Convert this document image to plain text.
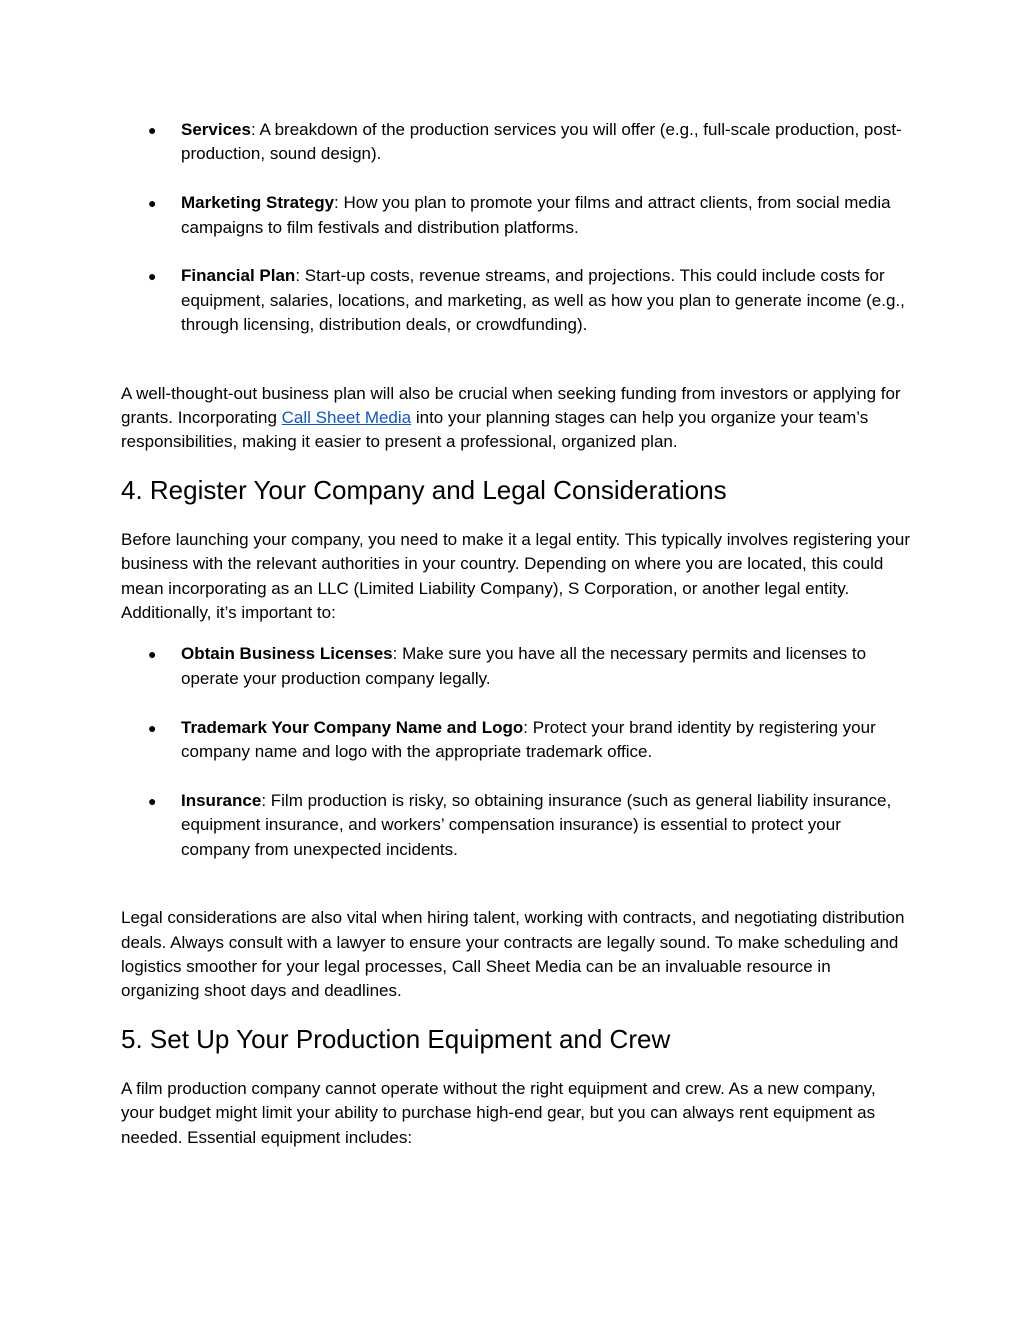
● Services: A breakdown of the production services you will offer (e.g., full-scale production, post-production, sound design).
● Marketing Strategy: How you plan to promote your films and attract clients, from social media campaigns to film festivals and distribution platforms.
● Financial Plan: Start-up costs, revenue streams, and projections. This could include costs for equipment, salaries, locations, and marketing, as well as how you plan to generate income (e.g., through licensing, distribution deals, or crowdfunding).

A well-thought-out business plan will also be crucial when seeking funding from investors or applying for grants. Incorporating Call Sheet Media into your planning stages can help you organize your team’s responsibilities, making it easier to present a professional, organized plan.

4. Register Your Company and Legal Considerations

Before launching your company, you need to make it a legal entity. This typically involves registering your business with the relevant authorities in your country. Depending on where you are located, this could mean incorporating as an LLC (Limited Liability Company), S Corporation, or another legal entity. Additionally, it’s important to:

● Obtain Business Licenses: Make sure you have all the necessary permits and licenses to operate your production company legally.
● Trademark Your Company Name and Logo: Protect your brand identity by registering your company name and logo with the appropriate trademark office.
● Insurance: Film production is risky, so obtaining insurance (such as general liability insurance, equipment insurance, and workers’ compensation insurance) is essential to protect your company from unexpected incidents.

Legal considerations are also vital when hiring talent, working with contracts, and negotiating distribution deals. Always consult with a lawyer to ensure your contracts are legally sound. To make scheduling and logistics smoother for your legal processes, Call Sheet Media can be an invaluable resource in organizing shoot days and deadlines.

5. Set Up Your Production Equipment and Crew

A film production company cannot operate without the right equipment and crew. As a new company, your budget might limit your ability to purchase high-end gear, but you can always rent equipment as needed. Essential equipment includes:
